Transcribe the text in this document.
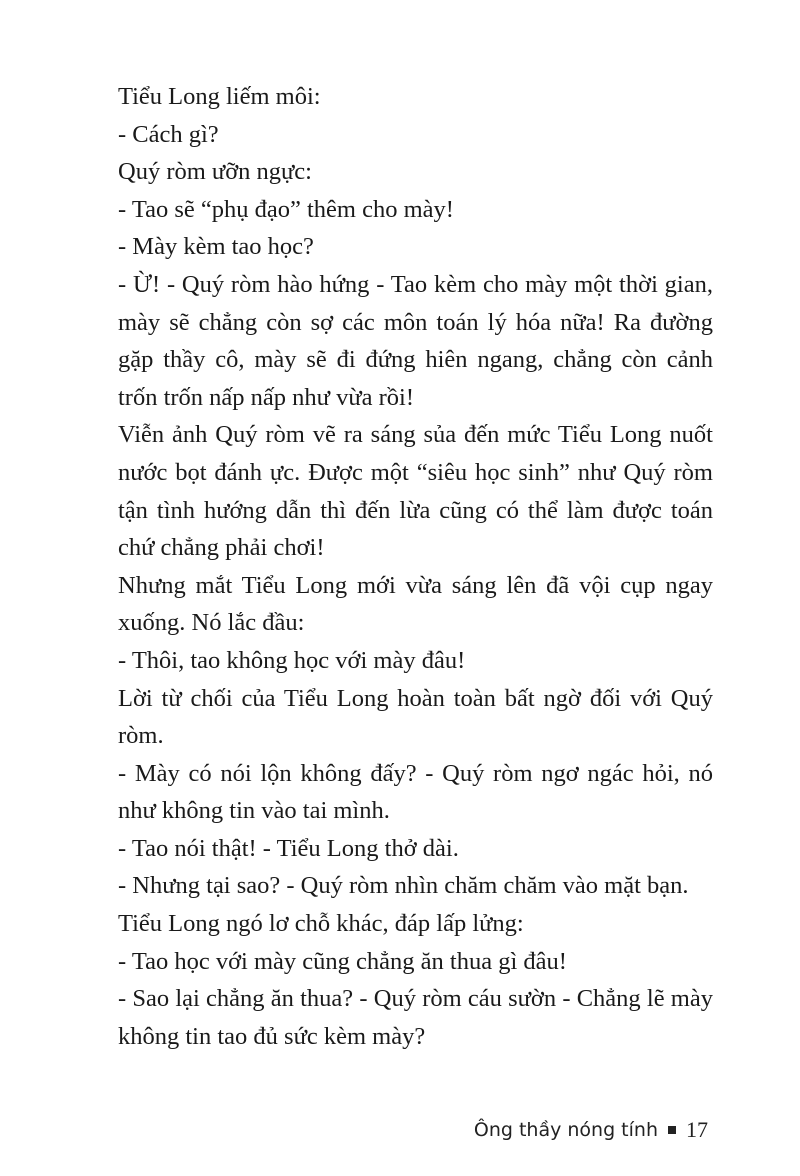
Tiểu Long liếm môi:

- Cách gì?

Quý ròm ưỡn ngực:

- Tao sẽ “phụ đạo” thêm cho mày!

- Mày kèm tao học?

- Ừ! - Quý ròm hào hứng - Tao kèm cho mày một thời gian, mày sẽ chẳng còn sợ các môn toán lý hóa nữa! Ra đường gặp thầy cô, mày sẽ đi đứng hiên ngang, chẳng còn cảnh trốn trốn nấp nấp như vừa rồi!

Viễn ảnh Quý ròm vẽ ra sáng sủa đến mức Tiểu Long nuốt nước bọt đánh ực. Được một “siêu học sinh” như Quý ròm tận tình hướng dẫn thì đến lừa cũng có thể làm được toán chứ chẳng phải chơi!

Nhưng mắt Tiểu Long mới vừa sáng lên đã vội cụp ngay xuống. Nó lắc đầu:

- Thôi, tao không học với mày đâu!

Lời từ chối của Tiểu Long hoàn toàn bất ngờ đối với Quý ròm.

- Mày có nói lộn không đấy? - Quý ròm ngơ ngác hỏi, nó như không tin vào tai mình.

- Tao nói thật! - Tiểu Long thở dài.

- Nhưng tại sao? - Quý ròm nhìn chăm chăm vào mặt bạn.

Tiểu Long ngó lơ chỗ khác, đáp lấp lửng:

- Tao học với mày cũng chẳng ăn thua gì đâu!

- Sao lại chẳng ăn thua? - Quý ròm cáu sườn - Chẳng lẽ mày không tin tao đủ sức kèm mày?

Ông thầy nóng tính 17
